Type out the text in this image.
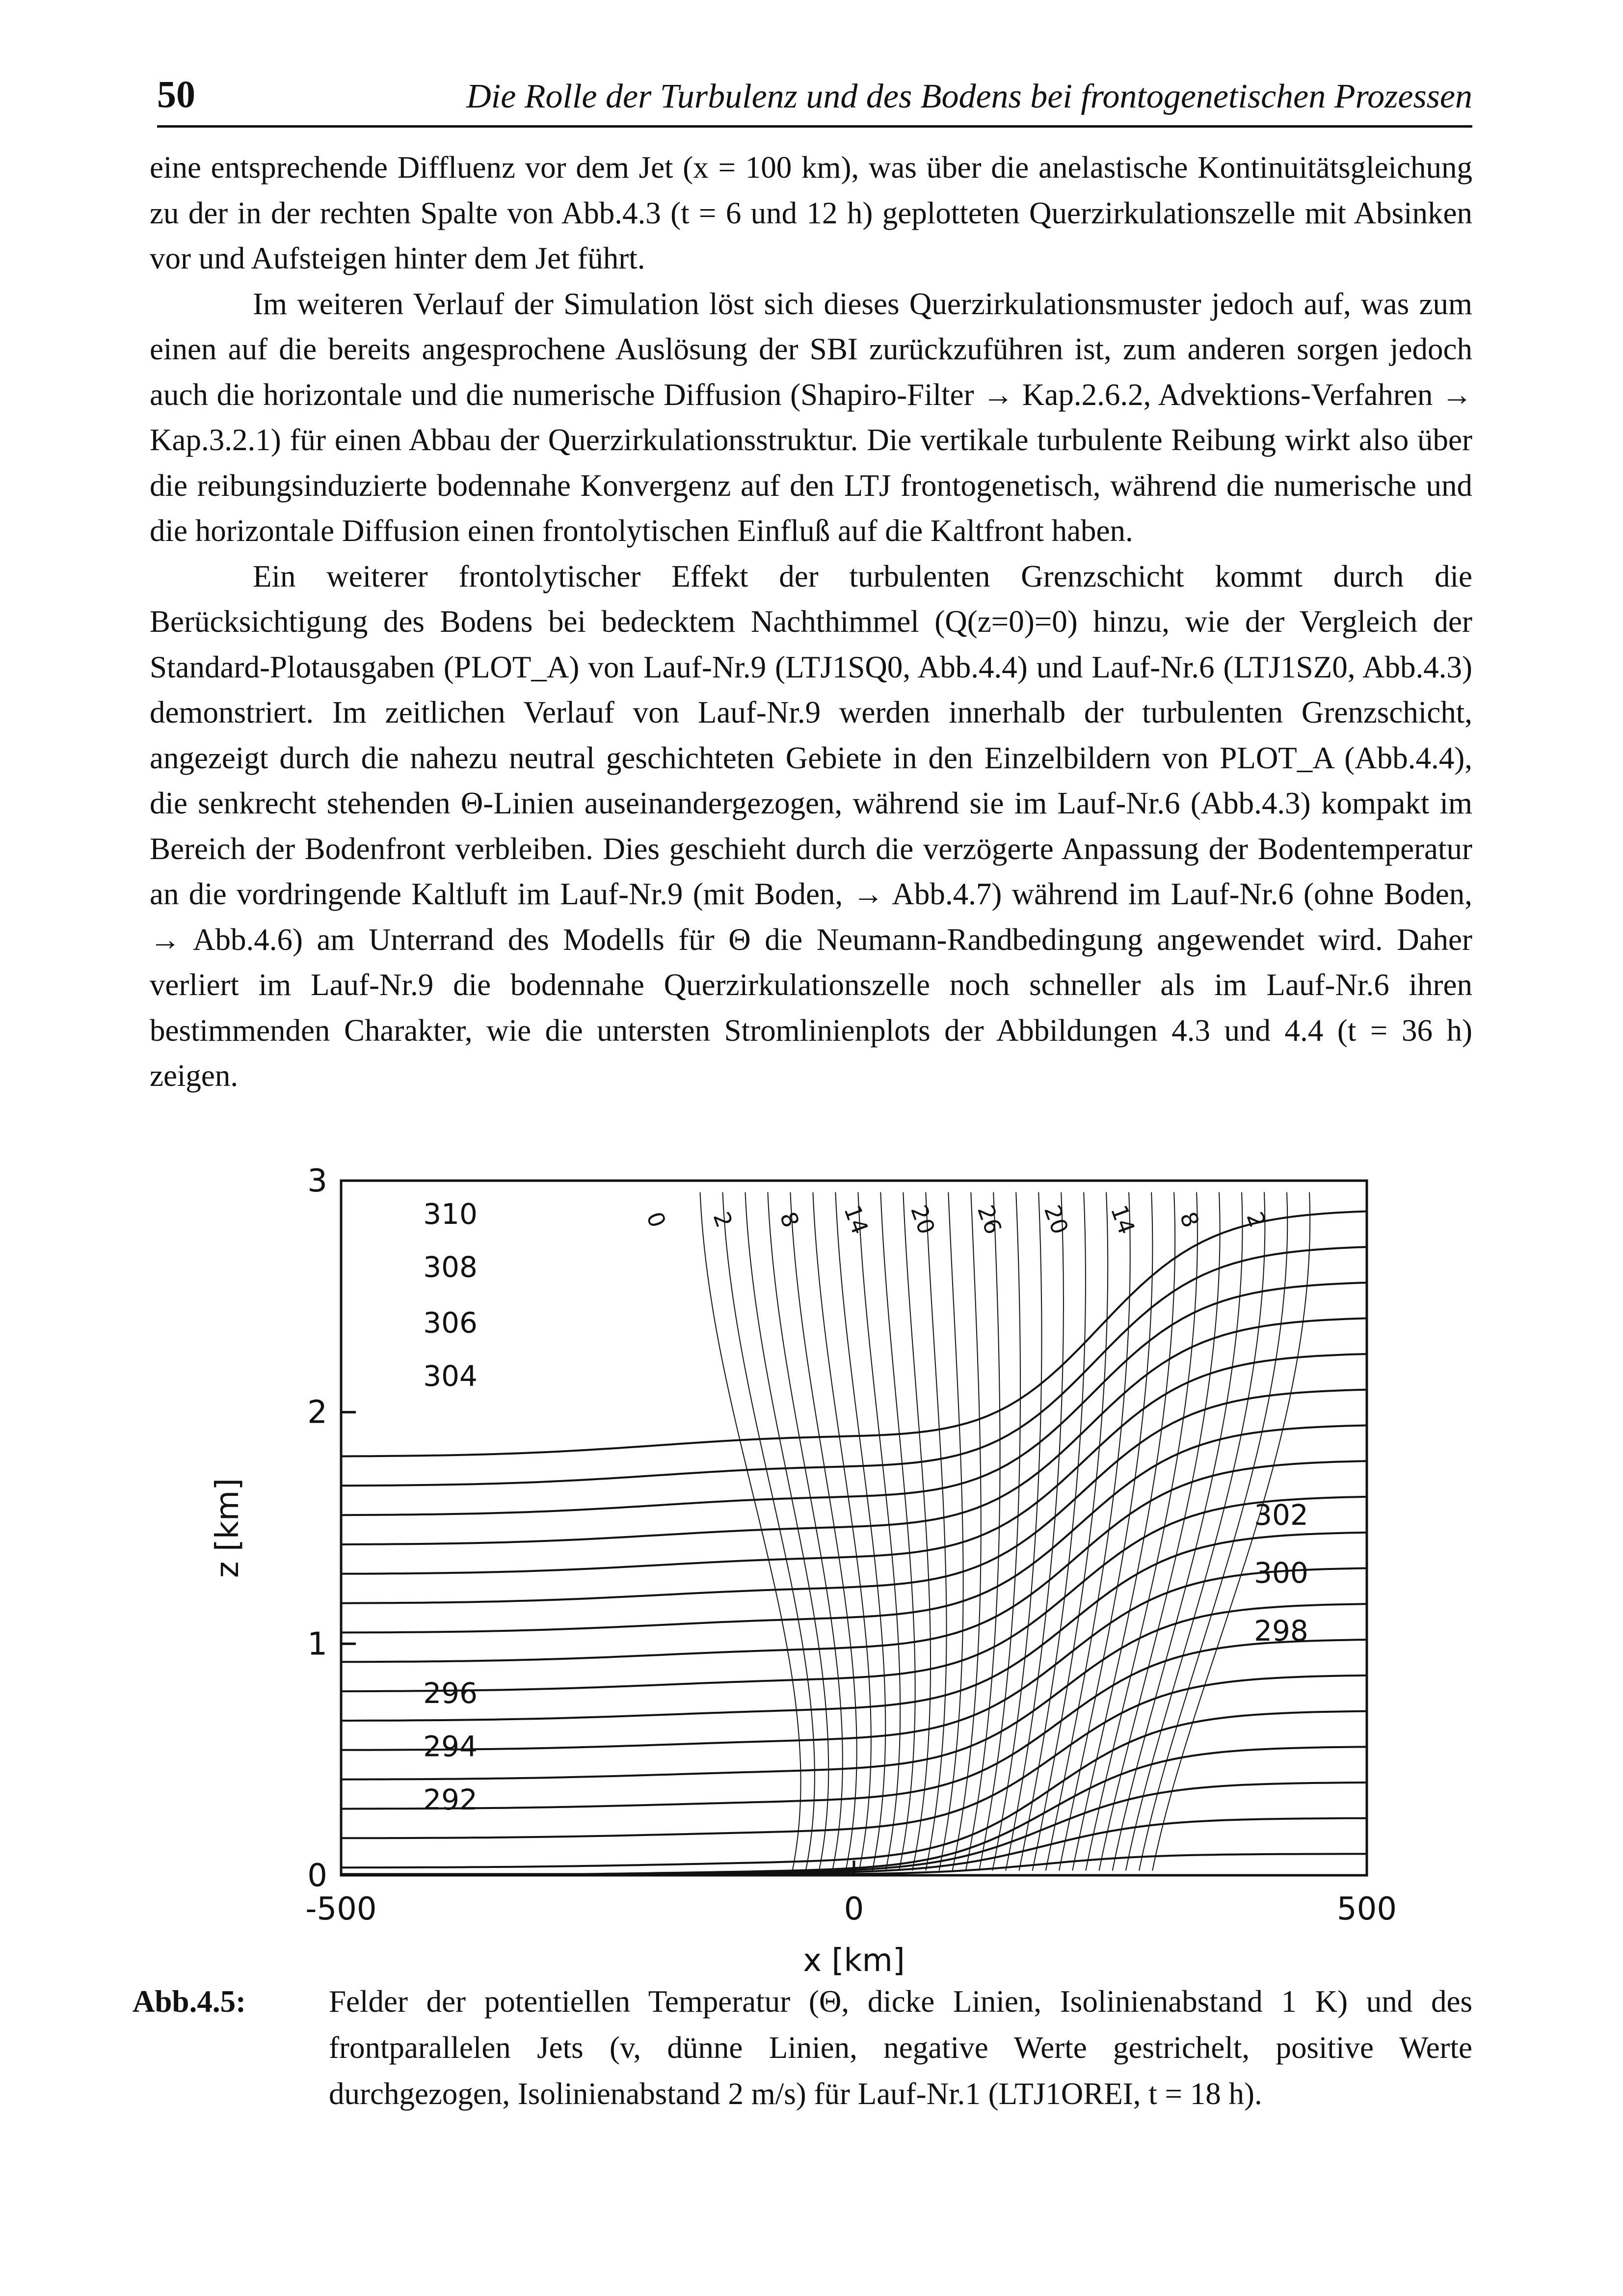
50	Die Rolle der Turbulenz und des Bodens bei frontogenetischen Prozessen

eine entsprechende Diffluenz vor dem Jet (x = 100 km), was über die anelastische Kontinuitätsgleichung zu der in der rechten Spalte von Abb.4.3 (t = 6 und 12 h) geplotteten Querzirkulationszelle mit Absinken vor und Aufsteigen hinter dem Jet führt.

Im weiteren Verlauf der Simulation löst sich dieses Querzirkulationsmuster jedoch auf, was zum einen auf die bereits angesprochene Auslösung der SBI zurückzuführen ist, zum anderen sorgen jedoch auch die horizontale und die numerische Diffusion (Shapiro-Filter → Kap.2.6.2, Advektions-Verfahren → Kap.3.2.1) für einen Abbau der Querzirkulationsstruktur. Die vertikale turbulente Reibung wirkt also über die reibungsinduzierte bodennahe Konvergenz auf den LTJ frontogenetisch, während die numerische und die horizontale Diffusion einen frontolytischen Einfluß auf die Kaltfront haben.

Ein weiterer frontolytischer Effekt der turbulenten Grenzschicht kommt durch die Berücksichtigung des Bodens bei bedecktem Nachthimmel (Q(z=0)=0) hinzu, wie der Vergleich der Standard-Plotausgaben (PLOT_A) von Lauf-Nr.9 (LTJ1SQ0, Abb.4.4) und Lauf-Nr.6 (LTJ1SZ0, Abb.4.3) demonstriert. Im zeitlichen Verlauf von Lauf-Nr.9 werden innerhalb der turbulenten Grenzschicht, angezeigt durch die nahezu neutral geschichteten Gebiete in den Einzelbildern von PLOT_A (Abb.4.4), die senkrecht stehenden Θ-Linien auseinandergezogen, während sie im Lauf-Nr.6 (Abb.4.3) kompakt im Bereich der Bodenfront verbleiben. Dies geschieht durch die verzögerte Anpassung der Bodentemperatur an die vordringende Kaltluft im Lauf-Nr.9 (mit Boden, → Abb.4.7) während im Lauf-Nr.6 (ohne Boden, → Abb.4.6) am Unterrand des Modells für Θ die Neumann-Randbedingung angewendet wird. Daher verliert im Lauf-Nr.9 die bodennahe Querzirkulationszelle noch schneller als im Lauf-Nr.6 ihren bestimmenden Charakter, wie die untersten Stromlinienplots der Abbildungen 4.3 und 4.4 (t = 36 h) zeigen.

0 2 8 14 20 26 20 14 8 2
310
308
306
304
296
294
292
302
300
298
0
1
2
3
-500	0	500
x [km]
z [km]
Abb.4.5:	Felder der potentiellen Temperatur (Θ, dicke Linien, Isolinienabstand 1 K) und des frontparallelen Jets (v, dünne Linien, negative Werte gestrichelt, positive Werte durchgezogen, Isolinienabstand 2 m/s) für Lauf-Nr.1 (LTJ1OREI, t = 18 h).
